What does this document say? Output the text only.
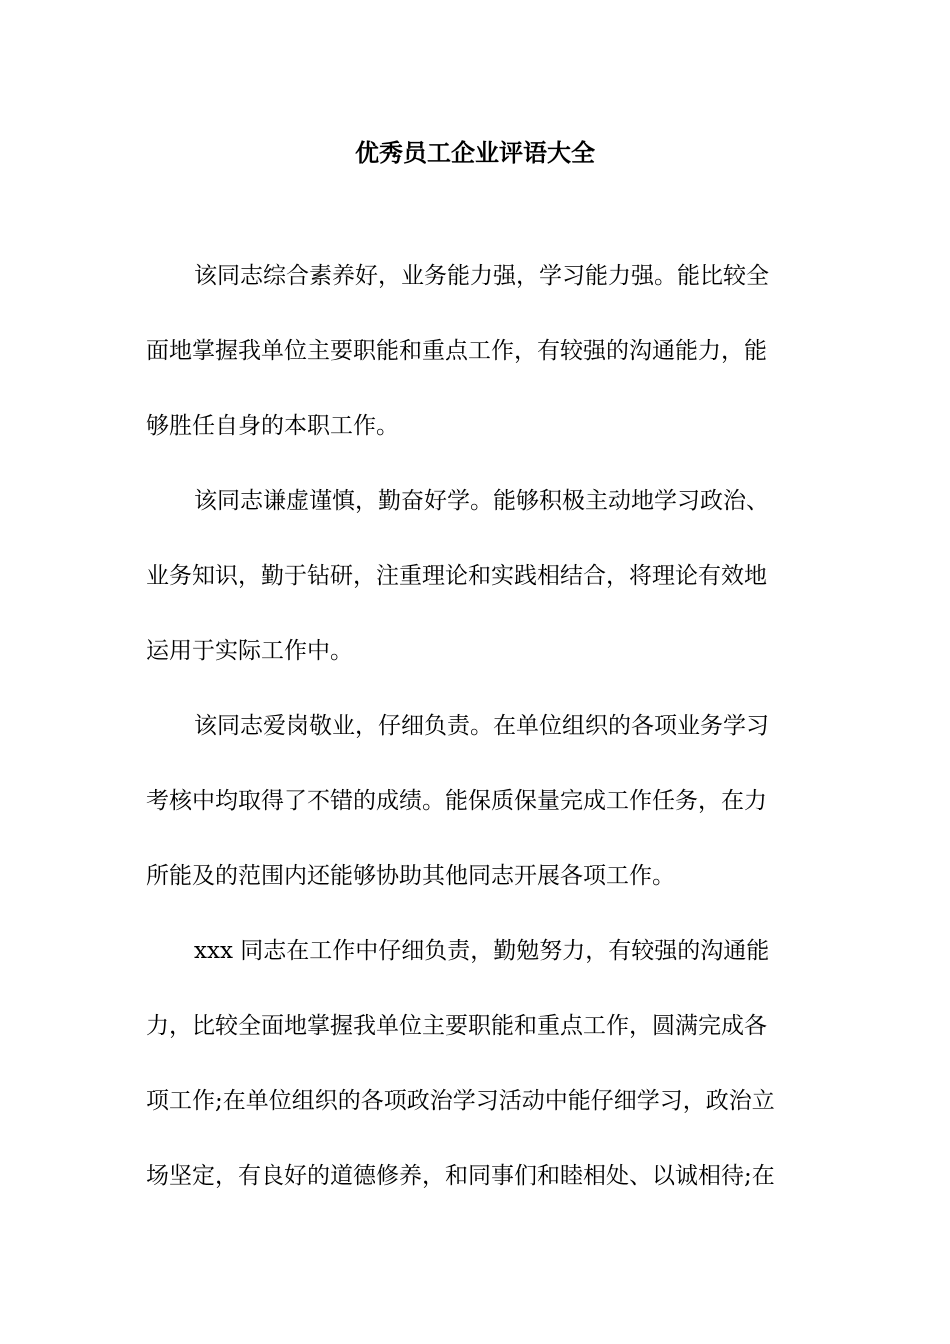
优秀员工企业评语大全
该同志综合素养好，业务能力强，学习能力强。能比较全
面地掌握我单位主要职能和重点工作，有较强的沟通能力，能
够胜任自身的本职工作。
该同志谦虚谨慎，勤奋好学。能够积极主动地学习政治、
业务知识，勤于钻研，注重理论和实践相结合，将理论有效地
运用于实际工作中。
该同志爱岗敬业，仔细负责。在单位组织的各项业务学习
考核中均取得了不错的成绩。能保质保量完成工作任务，在力
所能及的范围内还能够协助其他同志开展各项工作。
xxx 同志在工作中仔细负责，勤勉努力，有较强的沟通能
力，比较全面地掌握我单位主要职能和重点工作，圆满完成各
项工作;在单位组织的各项政治学习活动中能仔细学习，政治立
场坚定，有良好的道德修养，和同事们和睦相处、以诚相待;在
